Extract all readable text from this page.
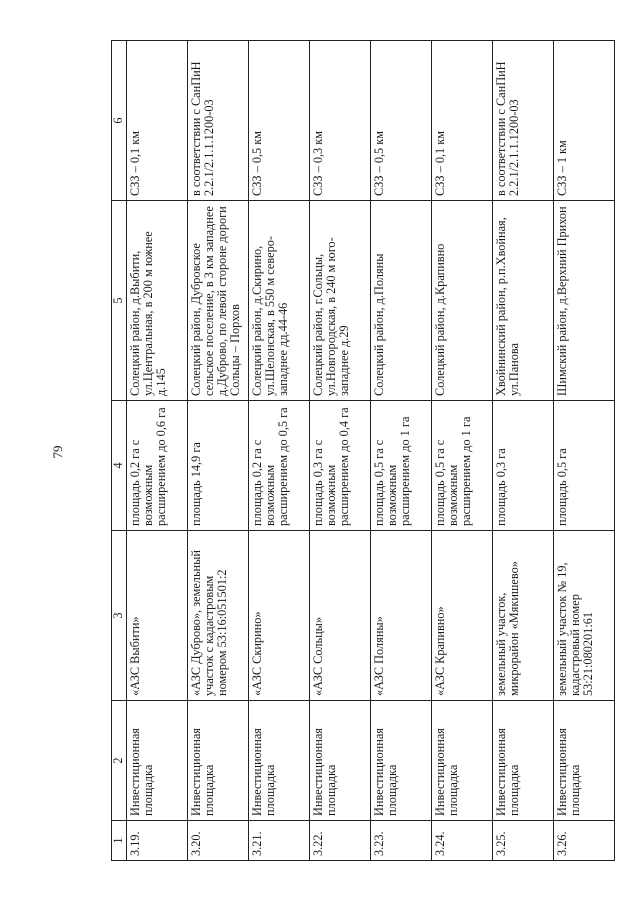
79
1	2	3	4	5	6
3.19.	Инвестиционная площадка	«АЗС Выбити»	площадь 0,2 га с возможным расширением до 0,6 га	Солецкий район, д.Выбити, ул.Центральная, в 200 м южнее д.145	СЗЗ – 0,1 км
3.20.	Инвестиционная площадка	«АЗС Дуброво», земельный участок с кадастровым номером 53:16:051501:2	площадь 14,9 га	Солецкий район, Дубровское сельское поселение, в 3 км западнее д.Дуброво, по левой стороне дороги Сольцы – Порхов	в соответствии с СанПиН 2.2.1/2.1.1.1200-03
3.21.	Инвестиционная площадка	«АЗС Скирино»	площадь 0,2 га с возможным расширением до 0,5 га	Солецкий район, д.Скирино, ул.Шелонская, в 550 м северо-западнее дд.44-46	СЗЗ – 0,5 км
3.22.	Инвестиционная площадка	«АЗС Сольцы»	площадь 0,3 га с возможным расширением до 0,4 га	Солецкий район, г.Сольцы, ул.Новгородская, в 240 м юго-западнее д.29	СЗЗ – 0,3 км
3.23.	Инвестиционная площадка	«АЗС Поляны»	площадь 0,5 га с возможным расширением до 1 га	Солецкий район, д.Поляны	СЗЗ – 0,5 км
3.24.	Инвестиционная площадка	«АЗС Крапивно»	площадь 0,5 га с возможным расширением до 1 га	Солецкий район, д.Крапивно	СЗЗ – 0,1 км
3.25.	Инвестиционная площадка	земельный участок, микрорайон «Мякишево»	площадь 0,3 га	Хвойнинский район, р.п.Хвойная, ул.Панова	в соответствии с СанПиН 2.2.1/2.1.1.1200-03
3.26.	Инвестиционная площадка	земельный участок № 19, кадастровый номер 53:21:080201:61	площадь 0,5 га	Шимский район, д.Верхний Прихон	СЗЗ – 1 км
